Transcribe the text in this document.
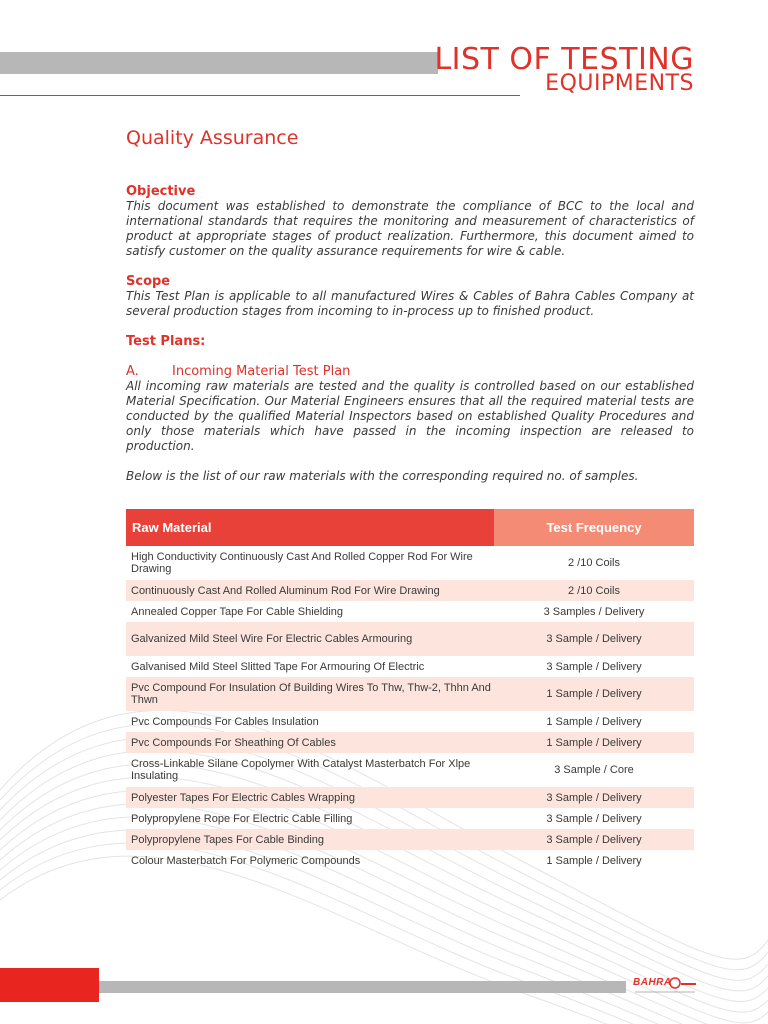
LIST OF TESTING
EQUIPMENTS
Quality Assurance
Objective

This document was established to demonstrate the compliance of BCC to the local and international standards that requires the monitoring and measurement of characteristics of product at appropriate stages of product realization. Furthermore, this document aimed to satisfy customer on the quality assurance requirements for wire & cable.

Scope

This Test Plan is applicable to all manufactured Wires & Cables of Bahra Cables Company at several production stages from incoming to in-process up to finished product.

Test Plans:
A.	Incoming Material Test Plan

All incoming raw materials are tested and the quality is controlled based on our established Material Specification. Our Material Engineers ensures that all the required material tests are conducted by the qualified Material Inspectors based on established Quality Procedures and only those materials which have passed in the incoming inspection are released to production.

Below is the list of our raw materials with the corresponding required no. of samples.

Raw Material	Test Frequency
High Conductivity Continuously Cast And Rolled Copper Rod For Wire Drawing	2 /10 Coils
Continuously Cast And Rolled Aluminum Rod For Wire Drawing	2 /10 Coils
Annealed Copper Tape For Cable Shielding	3 Samples / Delivery
Galvanized Mild Steel Wire For Electric Cables Armouring	3 Sample / Delivery
Galvanised Mild Steel Slitted Tape For Armouring Of Electric	3 Sample / Delivery
Pvc Compound For Insulation Of Building Wires To Thw, Thw-2, Thhn And Thwn	1 Sample / Delivery
Pvc Compounds For Cables Insulation	1 Sample / Delivery
Pvc Compounds For Sheathing Of Cables	1 Sample / Delivery
Cross-Linkable Silane Copolymer With Catalyst Masterbatch For Xlpe Insulating	3 Sample / Core
Polyester Tapes For Electric Cables Wrapping	3 Sample / Delivery
Polypropylene Rope For Electric Cable Filling	3 Sample / Delivery
Polypropylene Tapes For Cable Binding	3 Sample / Delivery
Colour Masterbatch For Polymeric Compounds	1 Sample / Delivery
BAHRA
